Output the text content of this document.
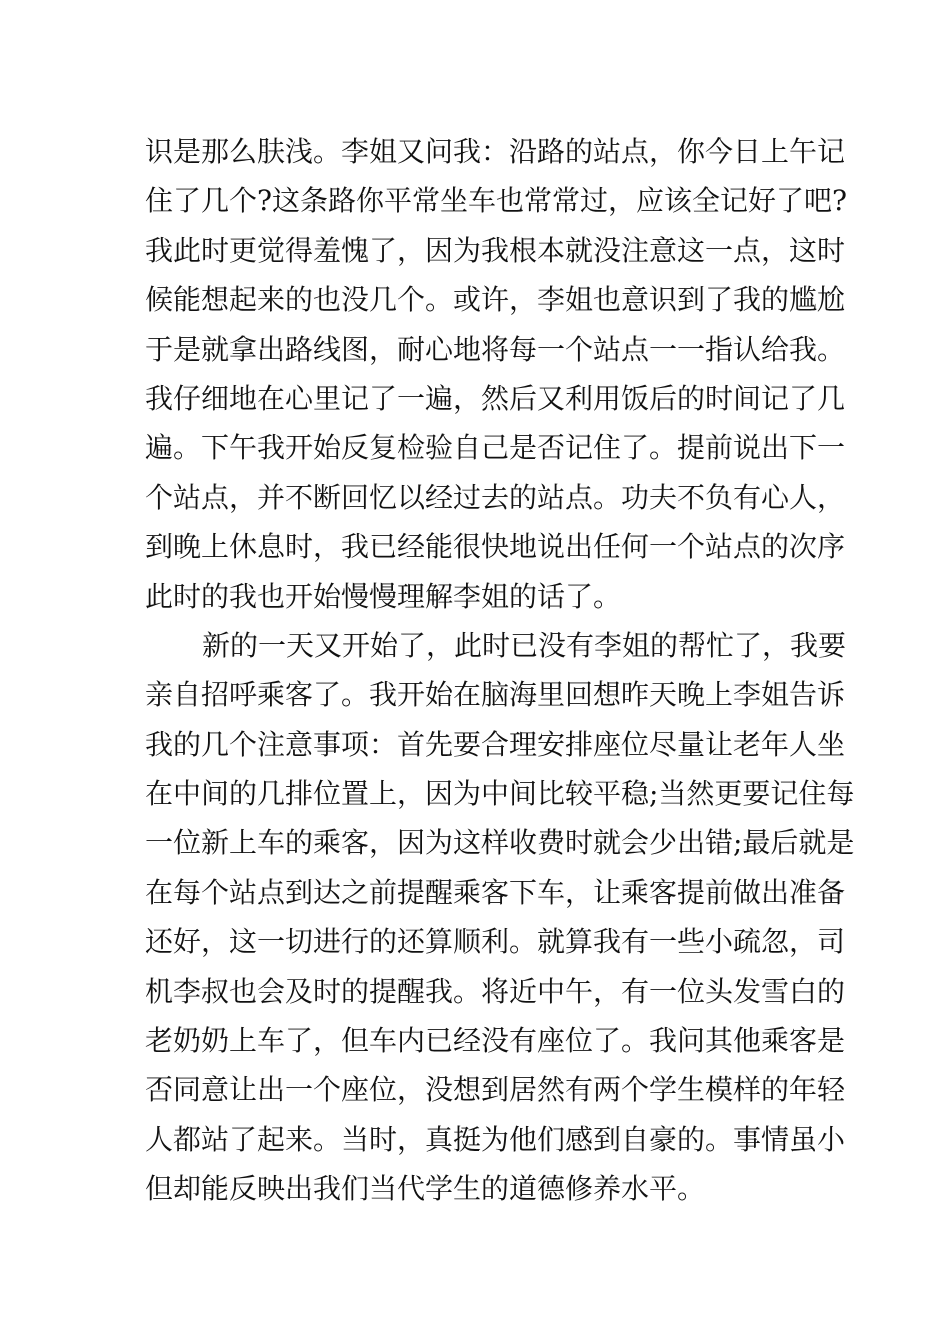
识是那么肤浅。李姐又问我：沿路的站点，你今日上午记
住了几个?这条路你平常坐车也常常过，应该全记好了吧?
我此时更觉得羞愧了，因为我根本就没注意这一点，这时
候能想起来的也没几个。或许，李姐也意识到了我的尴尬
于是就拿出路线图，耐心地将每一个站点一一指认给我。
我仔细地在心里记了一遍，然后又利用饭后的时间记了几
遍。下午我开始反复检验自己是否记住了。提前说出下一
个站点，并不断回忆以经过去的站点。功夫不负有心人，
到晚上休息时，我已经能很快地说出任何一个站点的次序
此时的我也开始慢慢理解李姐的话了。
新的一天又开始了，此时已没有李姐的帮忙了，我要
亲自招呼乘客了。我开始在脑海里回想昨天晚上李姐告诉
我的几个注意事项：首先要合理安排座位尽量让老年人坐
在中间的几排位置上，因为中间比较平稳;当然更要记住每
一位新上车的乘客，因为这样收费时就会少出错;最后就是
在每个站点到达之前提醒乘客下车，让乘客提前做出准备
还好，这一切进行的还算顺利。就算我有一些小疏忽，司
机李叔也会及时的提醒我。将近中午，有一位头发雪白的
老奶奶上车了，但车内已经没有座位了。我问其他乘客是
否同意让出一个座位，没想到居然有两个学生模样的年轻
人都站了起来。当时，真挺为他们感到自豪的。事情虽小
但却能反映出我们当代学生的道德修养水平。
